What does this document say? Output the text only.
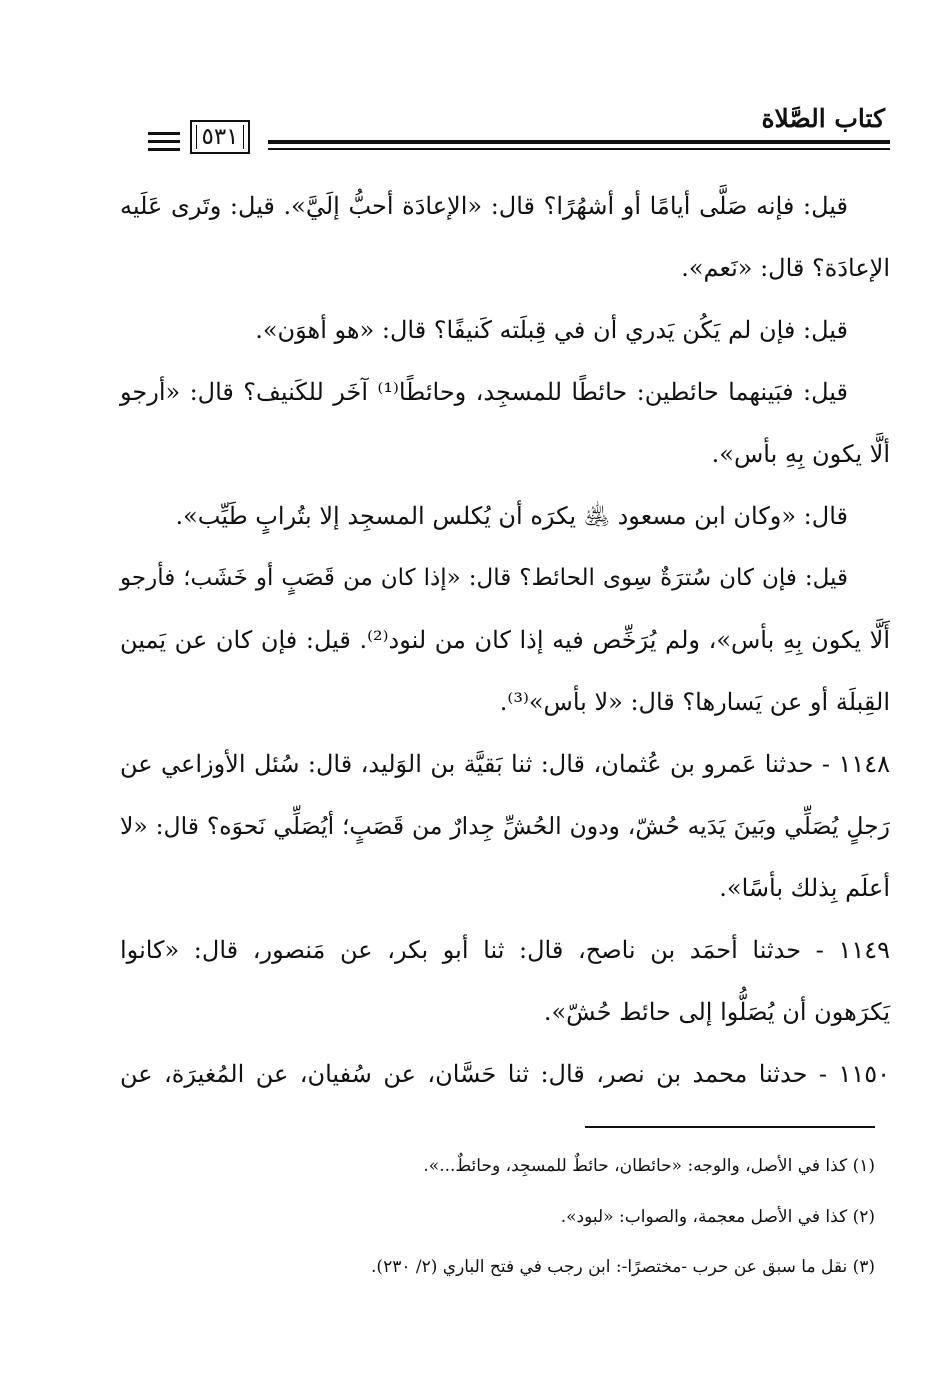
كتاب الصَّلاة
٥٣١
قيل: فإنه صَلَّى أيامًا أو أشهُرًا؟ قال: «الإعادَة أحبُّ إلَيَّ». قيل: وتَرى عَلَيه
الإعادَة؟ قال: «نَعم».
قيل: فإن لم يَكُن يَدري أن في قِبلَته كَنيفًا؟ قال: «هو أهوَن».
قيل: فبَينهما حائطين: حائطًا للمسجِد، وحائطًا⁽¹⁾ آخَر للكَنيف؟ قال: «أرجو
ألَّا يكون بِهِ بأس».
قال: «وكان ابن مسعود ﵁ يكرَه أن يُكلس المسجِد إلا بتُرابٍ طَيِّب».
قيل: فإن كان سُترَةٌ سِوى الحائط؟ قال: «إذا كان من قَصَبٍ أو خَشَب؛ فأرجو
أَلَّا يكون بِهِ بأس»، ولم يُرَخِّص فيه إذا كان من لنود⁽²⁾. قيل: فإن كان عن يَمين
القِبلَة أو عن يَسارها؟ قال: «لا بأس»⁽³⁾.
١١٤٨ - حدثنا عَمرو بن عُثمان، قال: ثنا بَقيَّة بن الوَليد، قال: سُئل الأوزاعي عن
رَجلٍ يُصَلِّي وبَينَ يَدَيه حُشّ، ودون الحُشِّ جِدارٌ من قَصَبٍ؛ أيُصَلِّي نَحوَه؟ قال: «لا
أعلَم بِذلك بأسًا».
١١٤٩ - حدثنا أحمَد بن ناصح، قال: ثنا أبو بكر، عن مَنصور، قال: «كانوا
يَكرَهون أن يُصَلُّوا إلى حائط حُشّ».
١١٥٠ - حدثنا محمد بن نصر، قال: ثنا حَسَّان، عن سُفيان، عن المُغيرَة، عن
(١) كذا في الأصل، والوجه: «حائطان، حائطٌ للمسجِد، وحائطٌ...».
(٢) كذا في الأصل معجمة، والصواب: «لبود».
(٣) نقل ما سبق عن حرب -مختصرًا-: ابن رجب في فتح الباري (٢/ ٢٣٠).
